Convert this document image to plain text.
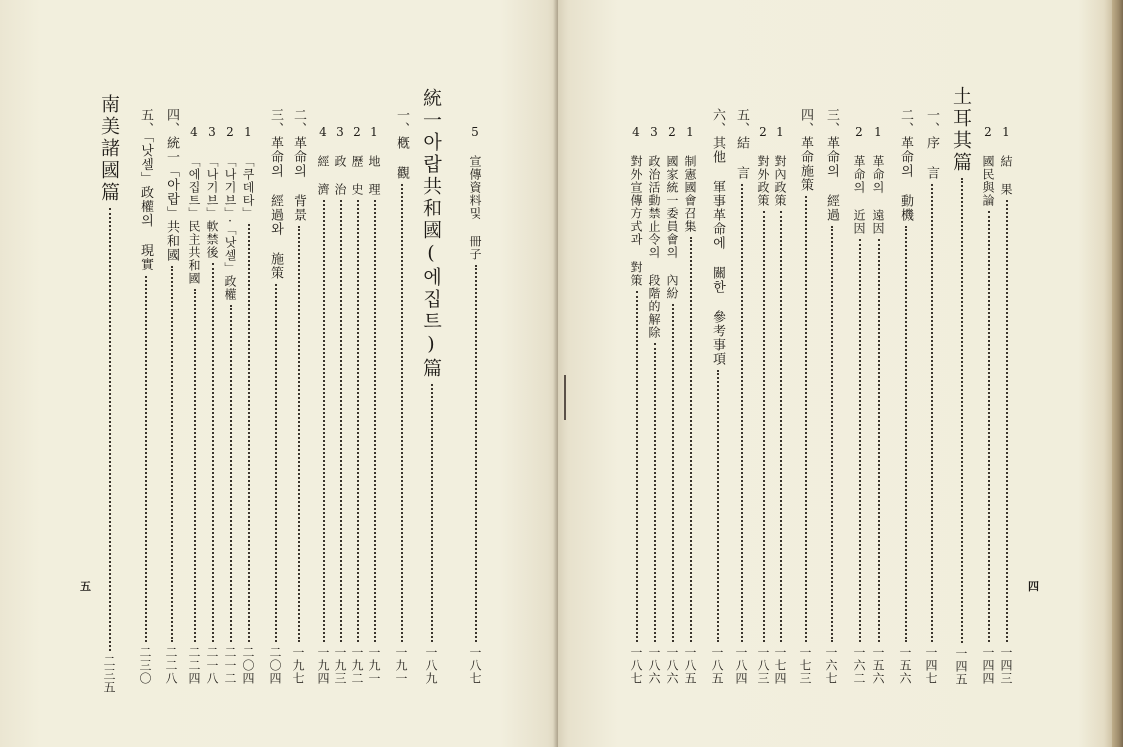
5 宣傳資料및 冊子
一八七
統一아랍共和國(에집트)篇
一八九
一、槪 觀
一九一
1 地 理
一九一
2 歷 史
一九二
3 政 治
一九三
4 經 濟
一九四
二、革命의 背景
一九七
三、革命의 經過와 施策
二〇四
1 「쿠데타」
二〇四
2 「나기브」·「낫셀」政權
二一二
3 「나기브」軟禁後
二一八
4 「에집트」民主共和國
二二四
四、統一「아랍」共和國
二二八
五、「낫셀」政權의 現實
二三〇
南美諸國篇
二三五
五
1 結 果
一四三
2 國民與論
一四四
土耳其篇
一四五
一、序 言
一四七
二、革命의 動機
一五六
1 革命의 遠因
一五六
2 革命의 近因
一六二
三、革命의 經過
一六七
四、革命施策
一七三
1 對內政策
一七四
2 對外政策
一八三
五、結 言
一八四
六、其他 軍事革命에 關한 參考事項
一八五
1 制憲國會召集
一八五
2 國家統一委員會의 內紛
一八六
3 政治活動禁止令의 段階的解除
一八六
4 對外宣傳方式과 對策
一八七
四
